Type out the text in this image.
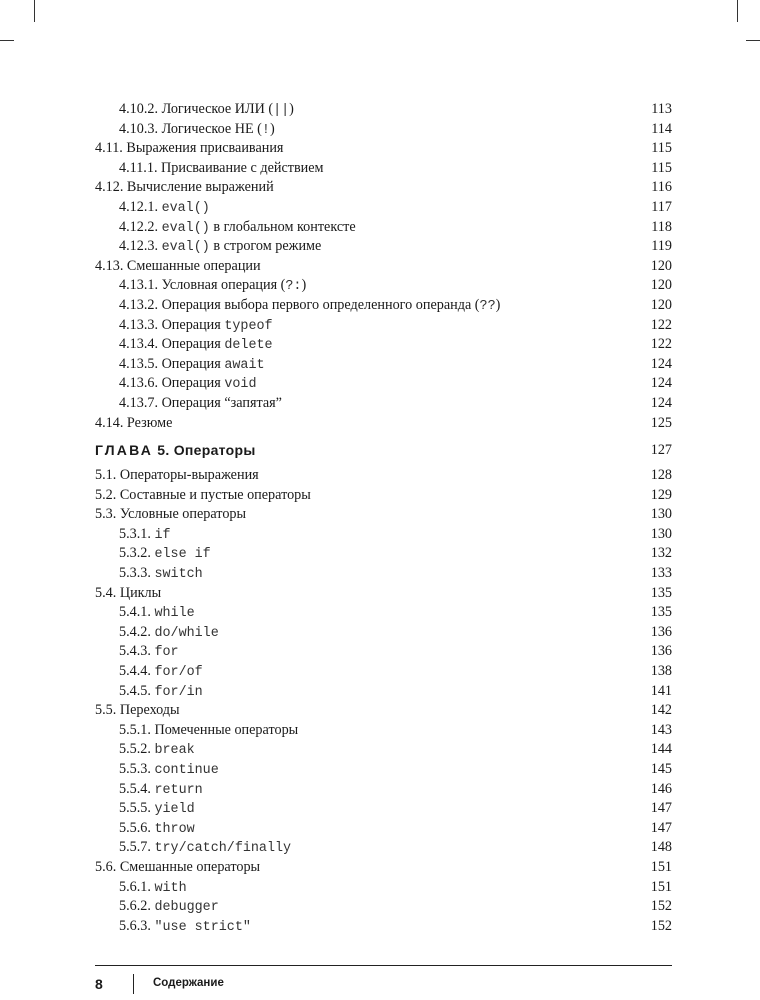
4.10.2. Логическое ИЛИ (||)	113
4.10.3. Логическое НЕ (!)	114
4.11. Выражения присваивания	115
4.11.1. Присваивание с действием	115
4.12. Вычисление выражений	116
4.12.1. eval()	117
4.12.2. eval() в глобальном контексте	118
4.12.3. eval() в строгом режиме	119
4.13. Смешанные операции	120
4.13.1. Условная операция (?:)	120
4.13.2. Операция выбора первого определенного операнда (??)	120
4.13.3. Операция typeof	122
4.13.4. Операция delete	122
4.13.5. Операция await	124
4.13.6. Операция void	124
4.13.7. Операция “запятая”	124
4.14. Резюме	125
ГЛАВА 5. Операторы	127
5.1. Операторы-выражения	128
5.2. Составные и пустые операторы	129
5.3. Условные операторы	130
5.3.1. if	130
5.3.2. else if	132
5.3.3. switch	133
5.4. Циклы	135
5.4.1. while	135
5.4.2. do/while	136
5.4.3. for	136
5.4.4. for/of	138
5.4.5. for/in	141
5.5. Переходы	142
5.5.1. Помеченные операторы	143
5.5.2. break	144
5.5.3. continue	145
5.5.4. return	146
5.5.5. yield	147
5.5.6. throw	147
5.5.7. try/catch/finally	148
5.6. Смешанные операторы	151
5.6.1. with	151
5.6.2. debugger	152
5.6.3. "use strict"	152
8	Содержание
